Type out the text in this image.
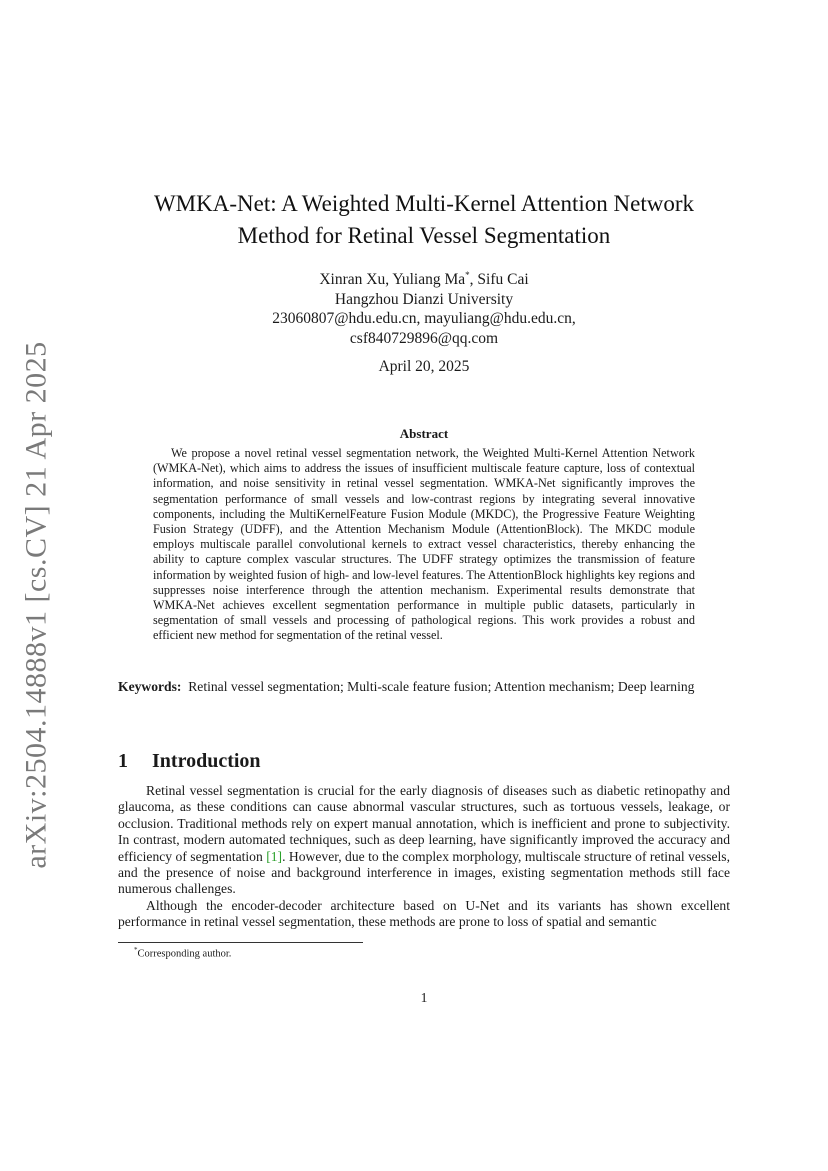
arXiv:2504.14888v1 [cs.CV] 21 Apr 2025
WMKA-Net: A Weighted Multi-Kernel Attention Network
Method for Retinal Vessel Segmentation
Xinran Xu, Yuliang Ma*, Sifu Cai
Hangzhou Dianzi University
23060807@hdu.edu.cn, mayuliang@hdu.edu.cn,
csf840729896@qq.com
April 20, 2025
Abstract
We propose a novel retinal vessel segmentation network, the Weighted Multi-Kernel Attention Network (WMKA-Net), which aims to address the issues of insufficient multiscale feature capture, loss of contextual information, and noise sensitivity in retinal vessel segmentation. WMKA-Net significantly improves the segmentation performance of small vessels and low-contrast regions by integrating several innovative components, including the MultiKernelFeature Fusion Module (MKDC), the Progressive Feature Weighting Fusion Strategy (UDFF), and the Attention Mechanism Module (AttentionBlock). The MKDC module employs multiscale parallel convolutional kernels to extract vessel characteristics, thereby enhancing the ability to capture complex vascular structures. The UDFF strategy optimizes the transmission of feature information by weighted fusion of high- and low-level features. The AttentionBlock highlights key regions and suppresses noise interference through the attention mechanism. Experimental results demonstrate that WMKA-Net achieves excellent segmentation performance in multiple public datasets, particularly in segmentation of small vessels and processing of pathological regions. This work provides a robust and efficient new method for segmentation of the retinal vessel.
Keywords: Retinal vessel segmentation; Multi-scale feature fusion; Attention mechanism; Deep learning
1 Introduction

Retinal vessel segmentation is crucial for the early diagnosis of diseases such as diabetic retinopathy and glaucoma, as these conditions can cause abnormal vascular structures, such as tortuous vessels, leakage, or occlusion. Traditional methods rely on expert manual annotation, which is inefficient and prone to subjectivity. In contrast, modern automated techniques, such as deep learning, have significantly improved the accuracy and efficiency of segmentation [1]. However, due to the complex morphology, multiscale structure of retinal vessels, and the presence of noise and background interference in images, existing segmentation methods still face numerous challenges.

Although the encoder-decoder architecture based on U-Net and its variants has shown excellent performance in retinal vessel segmentation, these methods are prone to loss of spatial and semantic

*Corresponding author.
1
